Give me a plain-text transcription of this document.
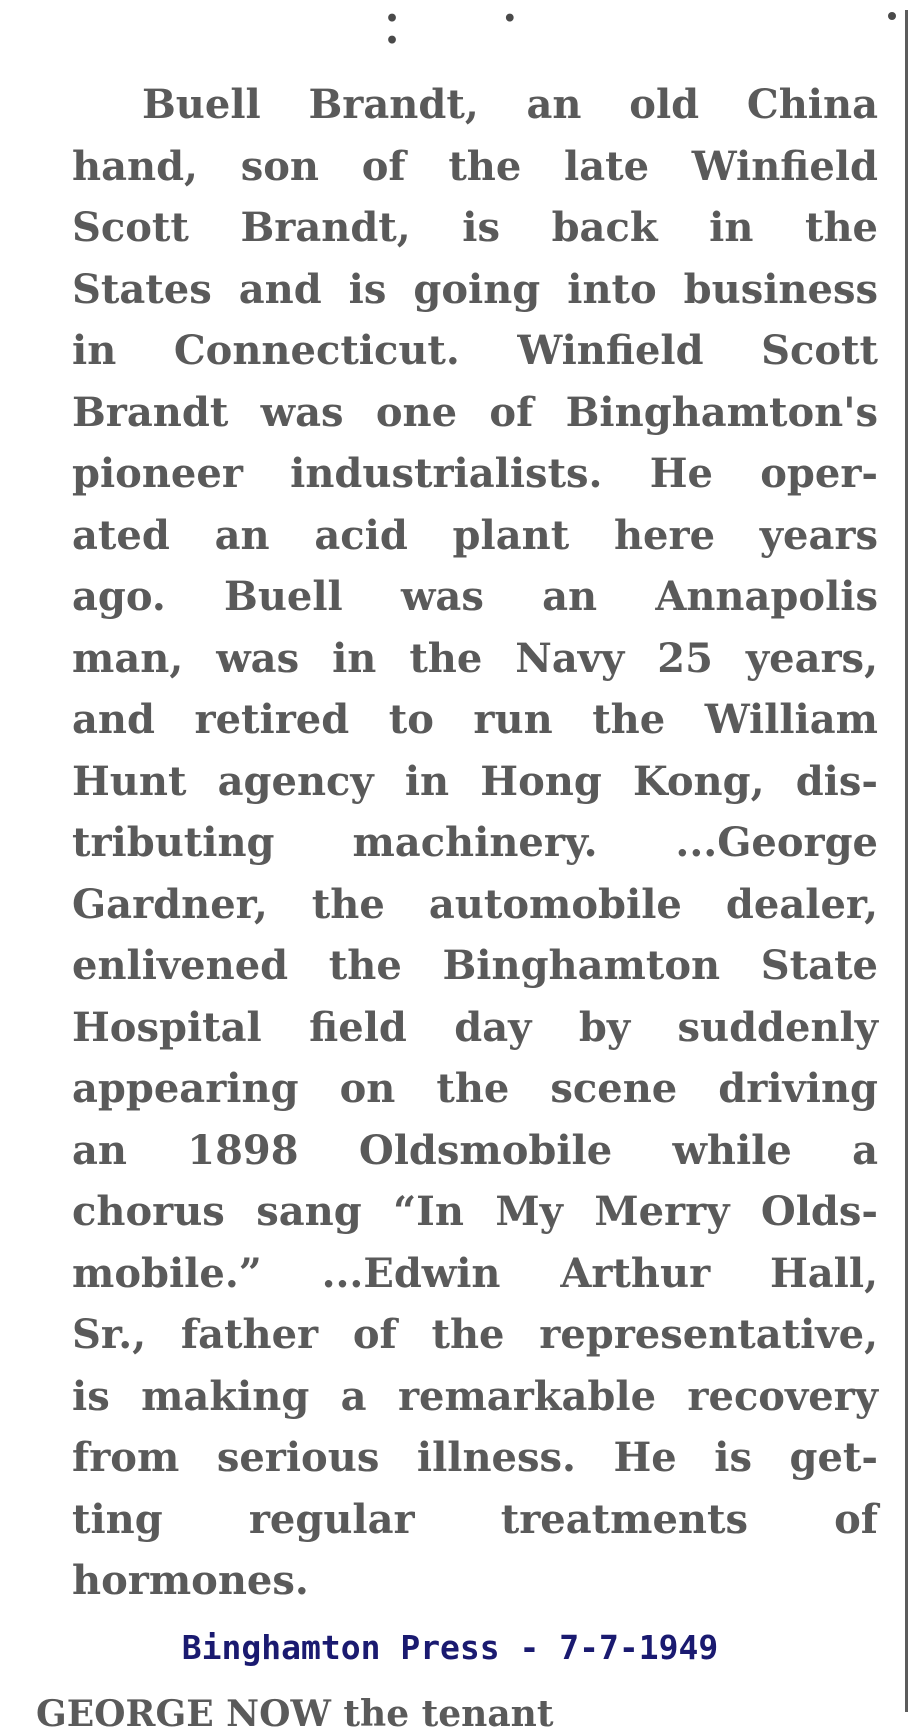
• • •
Buell Brandt, an old China
hand, son of the late Winfield
Scott Brandt, is back in the
States and is going into business
in Connecticut. Winfield Scott
Brandt was one of Binghamton's
pioneer industrialists. He oper-
ated an acid plant here years
ago. Buell was an Annapolis
man, was in the Navy 25 years,
and retired to run the William
Hunt agency in Hong Kong, dis-
tributing machinery. ...George
Gardner, the automobile dealer,
enlivened the Binghamton State
Hospital field day by suddenly
appearing on the scene driving
an 1898 Oldsmobile while a
chorus sang “In My Merry Olds-
mobile.” ...Edwin Arthur Hall,
Sr., father of the representative,
is making a remarkable recovery
from serious illness. He is get-
ting regular treatments of
hormones.
Binghamton Press - 7-7-1949
GEORGE NOW the tenant
